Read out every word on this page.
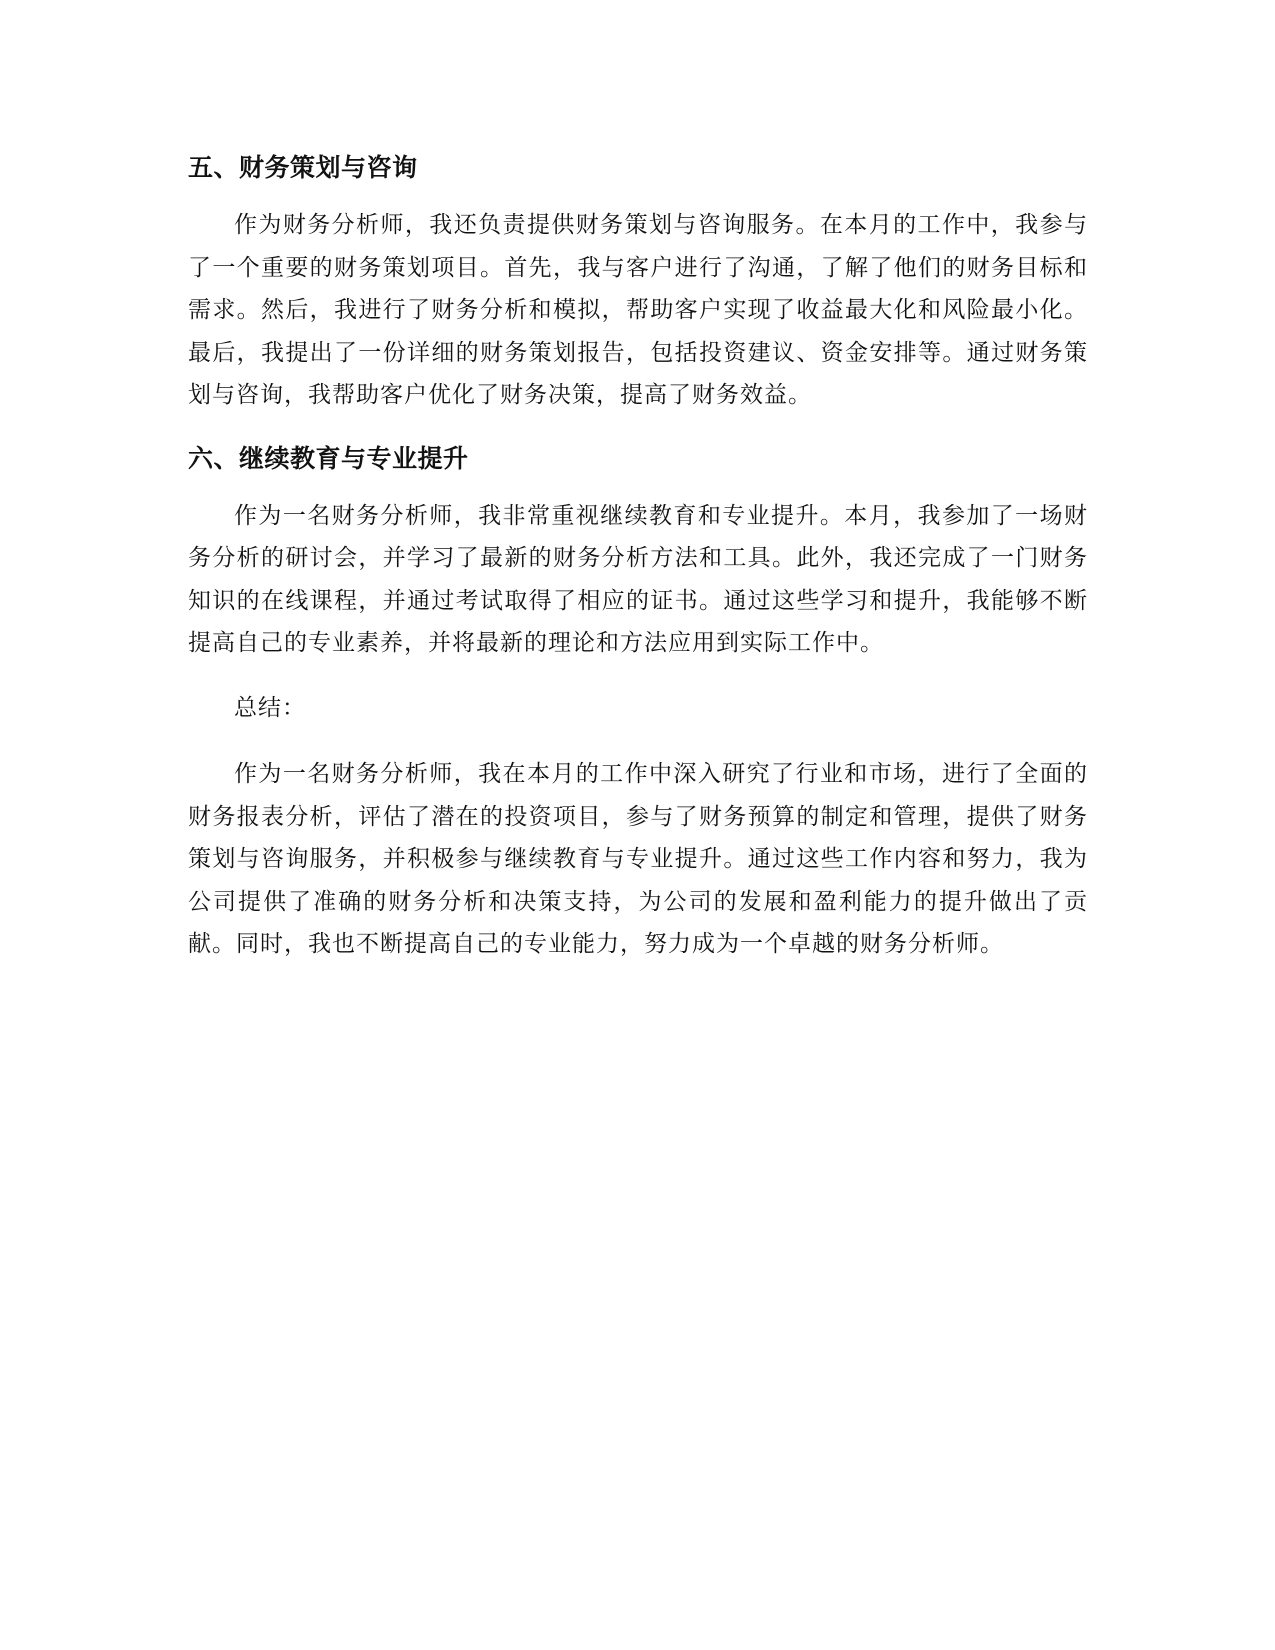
五、财务策划与咨询

作为财务分析师，我还负责提供财务策划与咨询服务。在本月的工作中，我参与了一个重要的财务策划项目。首先，我与客户进行了沟通，了解了他们的财务目标和需求。然后，我进行了财务分析和模拟，帮助客户实现了收益最大化和风险最小化。最后，我提出了一份详细的财务策划报告，包括投资建议、资金安排等。通过财务策划与咨询，我帮助客户优化了财务决策，提高了财务效益。

六、继续教育与专业提升

作为一名财务分析师，我非常重视继续教育和专业提升。本月，我参加了一场财务分析的研讨会，并学习了最新的财务分析方法和工具。此外，我还完成了一门财务知识的在线课程，并通过考试取得了相应的证书。通过这些学习和提升，我能够不断提高自己的专业素养，并将最新的理论和方法应用到实际工作中。

总结：

作为一名财务分析师，我在本月的工作中深入研究了行业和市场，进行了全面的财务报表分析，评估了潜在的投资项目，参与了财务预算的制定和管理，提供了财务策划与咨询服务，并积极参与继续教育与专业提升。通过这些工作内容和努力，我为公司提供了准确的财务分析和决策支持，为公司的发展和盈利能力的提升做出了贡献。同时，我也不断提高自己的专业能力，努力成为一个卓越的财务分析师。
